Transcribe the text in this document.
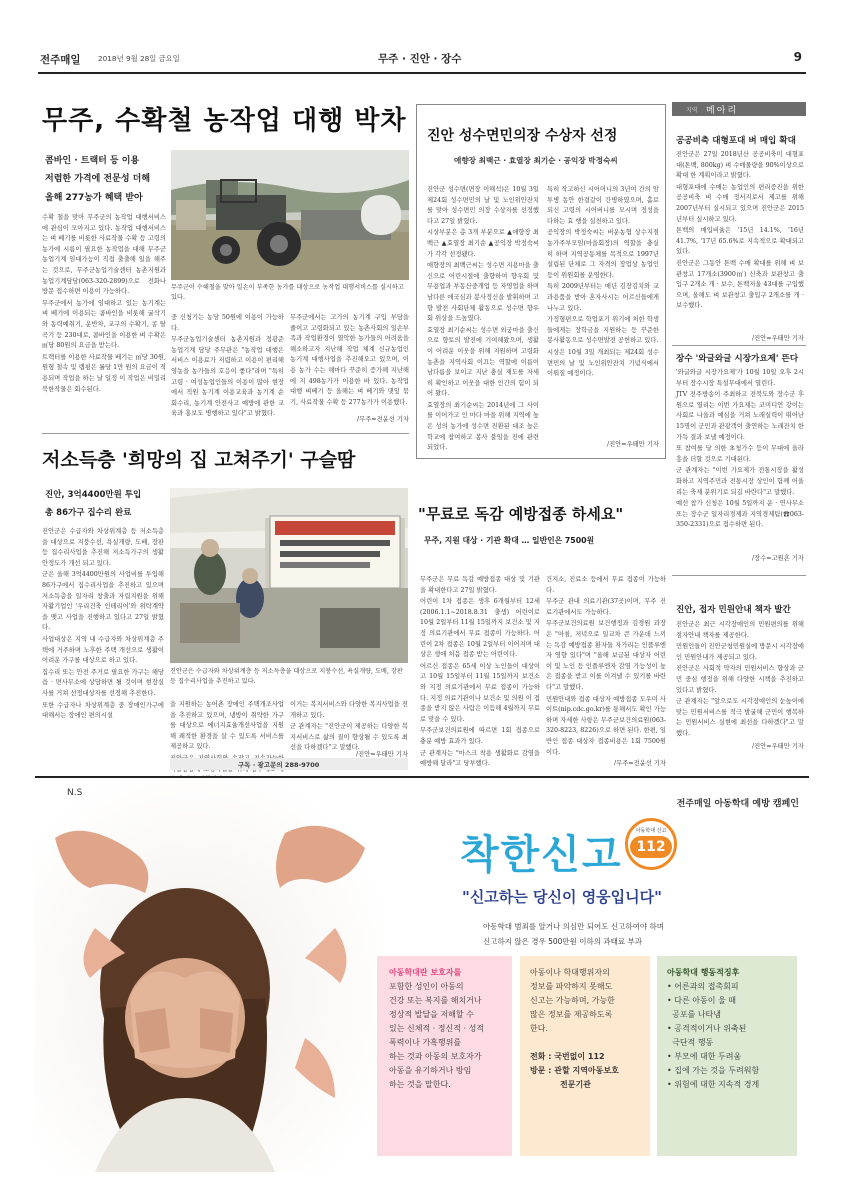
전주매일 2018년 9월 28일 금요일	무주 · 진안 · 장수	9
무주, 수확철 농작업 대행 박차
콤바인 · 트랙터 등 이용
저렴한 가격에 전문성 더해
올해 277농가 혜택 받아

수확 철을 맞아 무주군의 농작업 대행서비스에 관심이 모아지고 있다. 농작업 대행서비스는 벼 베기를 비롯한 사료작물 수확 등 고령의 농가에 시름이 필요한 농작업을 대해 무주군 농업기계 임대가능이 직접 출출해 일을 해주는 것으로, 무주군농업기술센터 농촌지원과 농업기계담당(063-320-2899)으로 전화나 방문 접수하면 이용이 가능하다.

무주군에서 농가에 임대하고 있는 농기계는 벼 베기에 이용되는 콤바인을 비롯해 굴삭기와 동력예취기, 운반차, 교구의 수확기, 콩 탈곡기 등 230대로, 콤바인을 이용한 벼 수확은 ㎡당 80원의 요금을 받는다.

트랙터를 이용한 사료작물 베기는 ㎡당 30원, 원형 철속 및 랩핑은 롤당 1만 원의 요금이 적용되며 작업을 하는 날 일정 이 작업은 비밀리 북한작물은 회수된다.

무주군이 수해철을 맞아 일손이 부족한 농가를 대상으로 농작업 대행서비스를 실시하고 있다.

중 신청기는 농당 50원에 이용이 가능하다.

무주군농업기술센터 농촌지원과 정광준 농업기계 담당 주무관은 "농작업 대행은 서비스 이용료가 저렴하고 이용이 편리해 영농을 농가들의 호응이 좋다"라며 "특히 고령 · 여성농업인들의 이용이 많아 현장에서 직원 농기계 이용교육과 농기계 순회수리, 농기계 안전사고 예방에 관한 교육과 홍보도 병행하고 있다"고 밝혔다.

무주군에서는 고가의 농기계 구입 부담을 줄이고 고령화되고 있는 농촌사회의 일손부족과 작업환경이 열악한 농가들의 어려움을 해소하고자 지난해 작업 체계 신규농업인 농기계 대행사업을 추진해오고 있으며, 이용 농가 수는 해마다 꾸준히 증가해 지난해에 지 498농가가 이용한 바 있다. 농작업 대행 벼베기 등 올해는 벼 베기와 댓잎 묶기, 사료작물 수확 등 277농가가 이용했다.

/무주=전윤선 기자
진안 성수면민의장 수상자 선정
애향장 최백근 · 효열장 최기순 · 공익장 박정숙씨

진안군 성수면(면장 이해석)은 10월 3일 제24회 성수면민의 날 및 노인위안잔치를 맞아 성수면민 의장 수상자를 선정했다고 27일 밝혔다.

시상부분은 총 3개 부분으로 ▲애향장 최백근 ▲효열장 최기순 ▲공익장 박정숙씨가 각각 선정됐다.

애향장의 최백근씨는 성수면 지용마을 출신으로 어린시절에 출향하여 향우회 및 무용업과 부동산중개업 등 자영업을 하며 남다른 애국심과 봉사정신을 발휘하며 고향 발전 사회단체 활동으로 성수면 향우회 위상을 드높였다.

효열장 최기순씨는 성수면 외궁마을 출신으로 향토의 발전에 기여해왔으며, 생활이 어려운 이웃을 위해 지원하며 고령화 농촌을 지역사회 이끄는 역할에 이름이 남다름을 보이고 지난 충실 제도를 자세히 확인하고 이웃을 대한 인간의 힘이 되어 왔다.

효열장의 최기순씨는 2014년에 그 사이를 이어가고 인 마다 마을 위해 지역에 높은 성의 농가에 성수면 진환된 대조 높은 학교에 참여하고 봉사 불임을 진에 관련 되었다.

특히 작고하신 시어머니의 3년여 간의 암투병 동안 한결같이 간병하였으며, 홀로되신 고령의 시어버니를 모시며 정성을 다하는 효 행을 실천하고 있다.

공익장의 박정숙씨는 버운농협 상수지점 농가주부모임(마을회장)의 역할을 충실히 하며 지역공동체를 목적으로 1997년 설립된 단체로 그 자격의 장업상 농업인 등이 위원회를 운영한다.

특히 2009년부터는 매년 김장김치와 교과용품을 받아 혼자사시는 어르신들에게 나누고 있다.

가정형편으로 학업포기 위기에 처한 학생들에게는 장학금을 지원하는 등 꾸준한 봉사활동으로 성수면발전 공헌하고 있다.

시상은 10월 3일 개최되는 제24회 성수면민의 날 및 노인위안잔치 기념식에서 이뤄질 예정이다.

/진안=우태만 기자
지역 메아리
공공비축 대형포대 벼 매입 확대

진안군은 27일 2018년산 공공비축미 대형포대(톤백, 800kg) 벼 수매물량을 90%이상으로 확대 한 계획이라고 밝혔다.

대형포대에 수매는 농업인의 편리증진을 위한 공공비축 벼 수매 정서지로서 제고를 위해 2007년부터 실시되고 있으며 진안군은 2015년부터 실시하고 있다.

톤백의 매입비율은 '15년 14.1%, '16년 41.7%, '17년 65.6%로 지속적으로 확대되고 있다.

진안군은 그동안 톤백 수매 확대를 위해 벼 보관창고 17개소(3900㎡) 신축과 보관창고 출입구 2개소 개 · 보수, 톤백저울 43대를 구입했으며, 올해도 벼 보관창고 출입구 2개소를 개 · 보수했다.

/진안=우태만 기자
장수 '와글와글 시장가요제' 뜬다

'와글와글 시장가요제'가 10월 10일 오후 2시부터 장수시장 특설무대에서 열린다.

JTV 전주방송이 주최하고 전북도와 장수군 후원으로 열리는 이번 가요제는 코미디언 강이는 사회로 나올과 예심을 거쳐 노래실력이 뛰어난 15명이 군민과 관광객이 출연하는 노래잔치 한 가득 결과 보낼 예정이다.

또 참여를 당 의한 초청가수 등이 무대에 올라 흥을 더할 것으로 기대된다.

군 관계자는 "이번 가요제가 전통시장을 활성화하고 지역주민과 전통시장 상인이 함께 어울리는 축제 분위기로 되길 바란다"고 말했다.

예선 참가 신청은 10월 5일까지 운 · 연사무소 또는 장수군 일자리경제과 지역경제팀(☎063-350-2331)으로 접수하면 된다.

/장수=고원흔 기자
진안, 접자 민원안내 책자 발간

진안군은 최근 시각장애인의 민원편의를 위해 점자안내 책자를 제공한다.

민원인들이 진안군청민원실에 방문시 시각장애인 민원안내가 제공되고 있다.

진안군은 사회적 약자의 민원서비스 향상과 군민 중심 행정을 위해 다양한 시책을 추진하고 있다고 밝혔다.

군 관계자는 "앞으로도 시각장애인의 눈높이에 맞는 민원서비스를 적극 발굴해 군민이 행복하는 민원서비스 실현에 최선을 다하겠다"고 말했다.

/진안=우태만 기자
저소득층 '희망의 집 고쳐주기' 구슬땀
진안, 3억4400만원 투입
총 86가구 집수리 완료

진안군은 수급자와 차상위계층 등 저소득층을 대상으로 지붕수선, 욕실개량, 도배, 장판 등 집수리사업을 추진해 저소득가구의 생활안정도가 개선 되고 있다.

군은 올해 3억4400만원의 사업비를 투입해 86가구에서 집수리사업을 추진하고 있으며 저소득층을 일자리 창출과 자립지원을 위해 자활기업인 '우리건축 인테리어'와 위탁계약을 맺고 사업을 진행하고 있다고 27일 밝혔다.

사업대상은 지역 내 수급자와 차상위계층 주택에 거주하며 노후한 주택 개선으로 생활이 어려운 가구를 대상으로 하고 있다.

집수리 또는 안전 주거로 필요한 가구는 해당 읍 · 면사무소에 상담하면 될 것이며 현장실사를 거쳐 선정대상자를 선정해 추진한다.

또한 수급자나 차상위계층 중 장애인가구에 대해서는 장애인 편의시설

진안군은 수급자와 차상위계층 등 저소득층을 대상으로 지붕수선, 욕실개량, 도배, 장판 등 집수리사업을 추진하고 있다.

을 지원하는 농어촌 장애인 주택개조사업을 추진하고 있으며, 냉방이 취약한 가구를 대상으로 에너지효율개선사업을 지원해 쾌적한 환경을 살 수 있도록 서비스를 제공하고 있다.

이거는 복지서비스와 다양한 복지사업을 전개하고 있다.

군 관계자는 "진안군이 제공하는 다양한 복지서비스로 삶의 질이 향상될 수 있도록 최선을 다하겠다"고 말했다.

/진안=우태만 기자
구독 · 광고문의 288-9700
"무료로 독감 예방접종 하세요"
무주, 지원 대상 · 기관 확대 … 일반인은 7500원

무주군은 무료 독감 예방접종 대상 및 기관을 확대한다고 27일 밝혔다.

어린이 1차 접종은 생후 6개월부터 12세 (2006.1.1~2018.8.31 출생) 어린이로 10월 2일부터 11월 15일까지 보건소 및 지정 의료기관에서 무료 접종이 가능하다. 어린이 2차 접종은 10월 2일부터 이어지며 대상은 생애 처음 접종 받는 어린이다.

어르신 접종은 65세 이상 노인들이 대상이고 10월 15일부터 11월 15일까지 보건소와 지정 의료기관에서 무료 접종이 가능하다. 지정 의료기관이나 보건소 및 의원 이 접종을 받지 않은 사람은 이듬해 4월까지 무료로 맞을 수 있다.

무주군보건의료원에 따르면 1회 접종으로 충분 예방 효과가 있다.

군 관계자는 "마스크 착용 생활화로 감염을 예방해 달라"고 당부했다.

건지소, 진료소 등에서 무료 접종이 가능하다.

무주군 관내 의료기관(37곳)이며, 무주 진료기관에서도 가능하다.

무주군보건의료원 보건행정과 김경원 과장은 "아침, 저녁으로 일교차 큰 가운데 느끼는 독감 예방접종 환자들 자가리는 인플루엔자 영향 있다"며 "올해 보급된 대상자 어린이 및 노인 등 인플루엔자 감염 가능성이 높은 접종을 받고 이를 이겨낼 수 있기를 바란다"고 말했다.

민원안내와 접종 대상자 예방접종 도우미 사이트(nip.cdc.go.kr)를 통해서도 확인 가능하며 자세한 사항은 무주군보건의료원(063-320-8223, 8226)으로 하면 된다. 한편, 일반인 접종 대상자 접종비용은 1회 7500원이다.

/무주=전윤선 기자
N.S
전주매일 아동학대 예방 캠페인
착한신고
아동학대 신고
112
"신고하는 당신이 영웅입니다"
아동학대 범죄를 알거나 의심만 되어도 신고하여야 하며
신고하지 않은 경우 500만원 이하의 과태료 부과
아동학대란 보호자를
포함한 성인이 아동의
건강 또는 복지를 해치거나
정상적 발달을 저해할 수
있는 신체적 · 정신적 · 성적
폭력이나 가혹행위를
하는 것과 아동의 보호자가
아동을 유기하거나 방임
하는 것을 말한다.
아동이나 학대행위자의
정보를 파악하지 못해도
신고는 가능하며, 가능한
많은 정보를 제공하도록
한다.
전화 : 국번없이 112
방문 : 관할 지역아동보호
전문기관
아동학대 행동적징후
• 어른과의 접촉회피
• 다른 아동이 울 때
공포를 나타냄
• 공격적이거나 위축된
극단적 행동
• 부모에 대한 두려움
• 집에 가는 것을 두려워함
• 위험에 대한 지속적 경계
